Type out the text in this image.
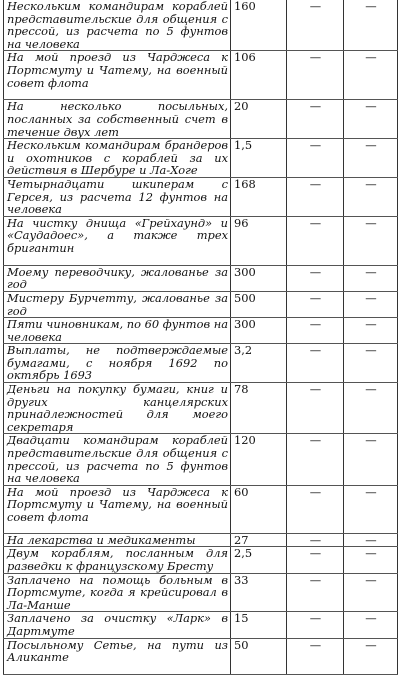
Нескольким командирам кораблей представительские для общения с прессой, из расчета по 5 фунтов на человека	160	—	—
На мой проезд из Чарджеса к Портсмуту и Чатему, на военный совет флота	106	—	—
На несколько посыльных, посланных за собственный счет в течение двух лет	20	—	—
Нескольким командирам брандеров и охотников с кораблей за их действия в Шербуре и Ла-Хоге	1,5	—	—
Четырнадцати шкиперам с Герсея, из расчета 12 фунтов на человека	168	—	—
На чистку днища «Грейхаунд» и «Саудадоес», а также трех бригантин	96	—	—
Моему переводчику, жалованье за год	300	—	—
Мистеру Бурчетту, жалованье за год	500	—	—
Пяти чиновникам, по 60 фунтов на человека	300	—	—
Выплаты, не подтверждаемые бумагами, с ноября 1692 по октябрь 1693	3,2	—	—
Деньги на покупку бумаги, книг и других канцелярских принадлежностей для моего секретаря	78	—	—
Двадцати командирам кораблей представительские для общения с прессой, из расчета по 5 фунтов на человека	120	—	—
На мой проезд из Чарджеса к Портсмуту и Чатему, на военный совет флота	60	—	—
На лекарства и медикаменты	27	—	—
Двум кораблям, посланным для разведки к французскому Бресту	2,5	—	—
Заплачено на помощь больным в Портсмуте, когда я крейсировал в Ла-Манше	33	—	—
Заплачено за очистку «Ларк» в Дартмуте	15	—	—
Посыльному Сетье, на пути из Аликанте	50	—	—
